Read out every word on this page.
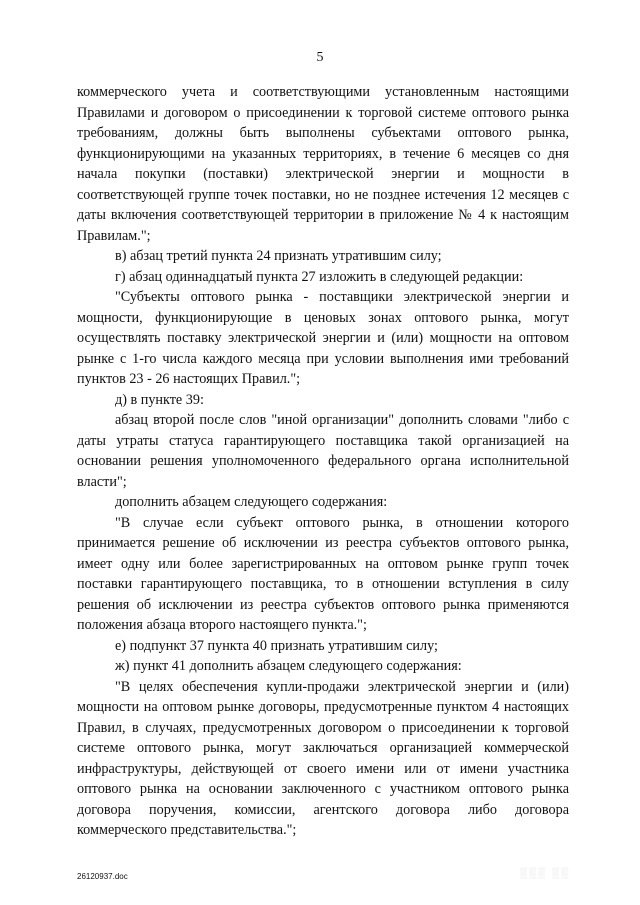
5

коммерческого учета и соответствующими установленным настоящими Правилами и договором о присоединении к торговой системе оптового рынка требованиям, должны быть выполнены субъектами оптового рынка, функционирующими на указанных территориях, в течение 6 месяцев со дня начала покупки (поставки) электрической энергии и мощности в соответствующей группе точек поставки, но не позднее истечения 12 месяцев с даты включения соответствующей территории в приложение № 4 к настоящим Правилам.";

в) абзац третий пункта 24 признать утратившим силу;

г) абзац одиннадцатый пункта 27 изложить в следующей редакции:

"Субъекты оптового рынка - поставщики электрической энергии и мощности, функционирующие в ценовых зонах оптового рынка, могут осуществлять поставку электрической энергии и (или) мощности на оптовом рынке с 1-го числа каждого месяца при условии выполнения ими требований пунктов 23 - 26 настоящих Правил.";

д) в пункте 39:

абзац второй после слов "иной организации" дополнить словами "либо с даты утраты статуса гарантирующего поставщика такой организацией на основании решения уполномоченного федерального органа исполнительной власти";

дополнить абзацем следующего содержания:

"В случае если субъект оптового рынка, в отношении которого принимается решение об исключении из реестра субъектов оптового рынка, имеет одну или более зарегистрированных на оптовом рынке групп точек поставки гарантирующего поставщика, то в отношении вступления в силу решения об исключении из реестра субъектов оптового рынка применяются положения абзаца второго настоящего пункта.";

е) подпункт 37 пункта 40 признать утратившим силу;

ж) пункт 41 дополнить абзацем следующего содержания:

"В целях обеспечения купли-продажи электрической энергии и (или) мощности на оптовом рынке договоры, предусмотренные пунктом 4 настоящих Правил, в случаях, предусмотренных договором о присоединении к торговой системе оптового рынка, могут заключаться организацией коммерческой инфраструктуры, действующей от своего имени или от имени участника оптового рынка на основании заключенного с участником оптового рынка договора поручения, комиссии, агентского договора либо договора коммерческого представительства.";

26120937.doc	▒▒▒ ▒▒
